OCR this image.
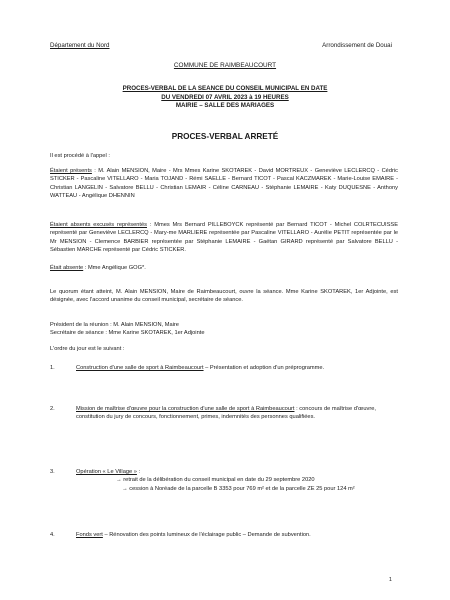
Département du Nord	Arrondissement de Douai
COMMUNE DE RAIMBEAUCOURT
PROCES-VERBAL DE LA SEANCE DU CONSEIL MUNICIPAL EN DATE
DU VENDREDI 07 AVRIL 2023 à 19 HEURES
MAIRIE – SALLE DES MARIAGES
PROCES-VERBAL ARRETÉ
Il est procédé à l'appel :
Étaient présents : M. Alain MENSION, Maire - Mrs Mmes Karine SKOTAREK - David MORTREUX - Geneviève LECLERCQ - Cédric STICKER - Pascaline VITELLARO - Maria TOJAND - Rémi SAELLE - Bernard TICOT - Pascal KACZMAREK - Marie-Louise EMAIRE - Christian LANGELIN - Salvatore BELLU - Christian LEMAIR - Céline CARNEAU - Stéphanie LEMAIRE - Katy DUQUESNE - Anthony WATTEAU - Angélique DHENNIN
Étaient absents excusés représentés : Mmes Mrs Bernard PILLEBOYCK représenté par Bernard TICOT - Michel COLRTECUISSE représenté par Geneviève LECLERCQ - Mary-me MARLIERE représentée par Pascaline VITELLARO - Aurélie PETIT représentée par le Mr MENSION - Clemence BARBIER représentée par Stéphanie LEMAIRE - Gaëtan GIRARD représenté par Salvatore BELLU - Sébastien MARCHE représenté par Cédric STICKER.
Était absente : Mme Angélique GOG*.
Le quorum étant atteint, M. Alain MENSION, Maire de Raimbeaucourt, ouvre la séance. Mme Karine SKOTAREK, 1er Adjointe, est désignée, avec l'accord unanime du conseil municipal, secrétaire de séance.
Président de la réunion : M. Alain MENSION, Maire
Secrétaire de séance : Mme Karine SKOTAREK, 1er Adjointe
L'ordre du jour est le suivant :
1.	Construction d'une salle de sport à Raimbeaucourt – Présentation et adoption d'un préprogramme.
2.	Mission de maîtrise d'œuvre pour la construction d'une salle de sport à Raimbeaucourt : concours de maîtrise d'œuvre, constitution du jury de concours, fonctionnement, primes, indemnités des personnes qualifiées.
3.	Opération « Le Village » :
→ retrait de la délibération du conseil municipal en date du 29 septembre 2020
→ cession à Noréade de la parcelle B 3353 pour 769 m² et de la parcelle ZE 25 pour 124 m²
4.	Fonds vert – Rénovation des points lumineux de l'éclairage public – Demande de subvention.
1
